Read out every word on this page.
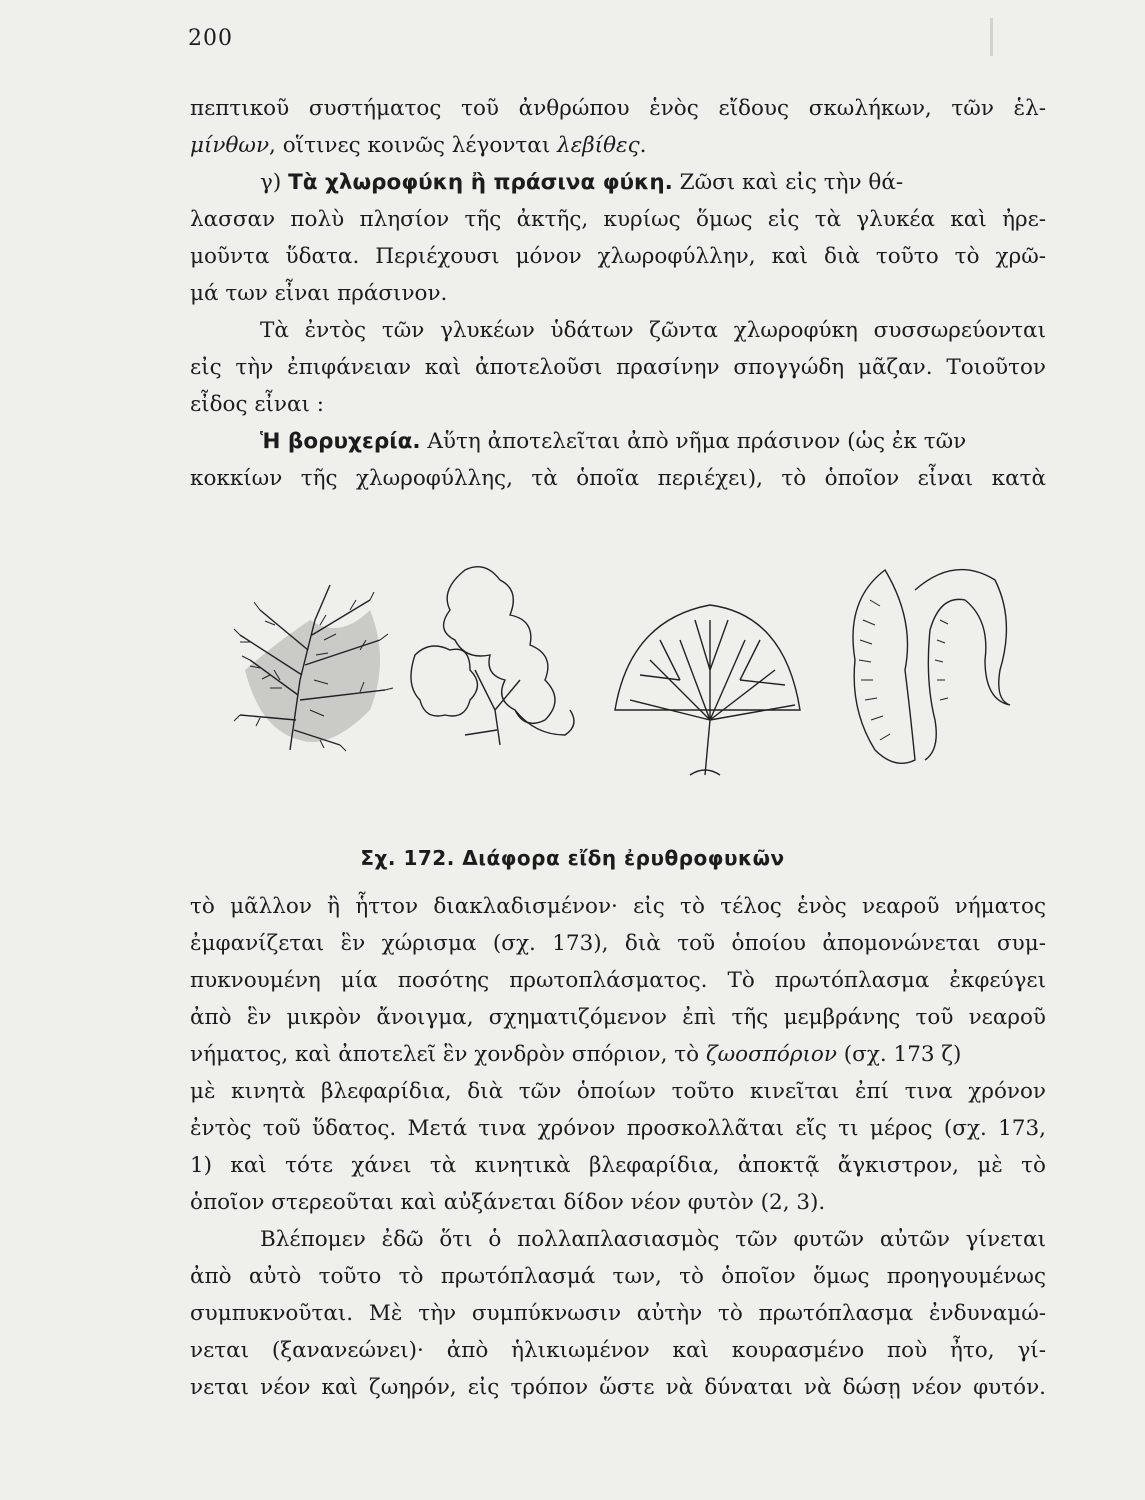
200
πεπτικοῦ συστήματος τοῦ ἀνθρώπου ἑνὸς εἴδους σκωλήκων, τῶν ἑλ-
μίνθων, οἵτινες κοινῶς λέγονται λεβίθες.
γ) Τὰ χλωροφύκη ἢ πράσινα φύκη. Ζῶσι καὶ εἰς τὴν θά-
λασσαν πολὺ πλησίον τῆς ἀκτῆς, κυρίως ὅμως εἰς τὰ γλυκέα καὶ ἠρε-
μοῦντα ὕδατα. Περιέχουσι μόνον χλωροφύλλην, καὶ διὰ τοῦτο τὸ χρῶ-
μά των εἶναι πράσινον.
Τὰ ἐντὸς τῶν γλυκέων ὑδάτων ζῶντα χλωροφύκη συσσωρεύονται
εἰς τὴν ἐπιφάνειαν καὶ ἀποτελοῦσι πρασίνην σπογγώδη μᾶζαν. Τοιοῦτον
εἶδος εἶναι :
Ἡ βορυχερία. Αὕτη ἀποτελεῖται ἀπὸ νῆμα πράσινον (ὡς ἐκ τῶν
κοκκίων τῆς χλωροφύλλης, τὰ ὁποῖα περιέχει), τὸ ὁποῖον εἶναι κατὰ
Σχ. 172. Διάφορα εἴδη ἐρυθροφυκῶν
τὸ μᾶλλον ἢ ἧττον διακλαδισμένον· εἰς τὸ τέλος ἑνὸς νεαροῦ νήματος
ἐμφανίζεται ἓν χώρισμα (σχ. 173), διὰ τοῦ ὁποίου ἀπομονώνεται συμ-
πυκνουμένη μία ποσότης πρωτοπλάσματος. Τὸ πρωτόπλασμα ἐκφεύγει
ἀπὸ ἓν μικρὸν ἄνοιγμα, σχηματιζόμενον ἐπὶ τῆς μεμβράνης τοῦ νεαροῦ
νήματος, καὶ ἀποτελεῖ ἓν χονδρὸν σπόριον, τὸ ζωοσπόριον (σχ. 173 ζ)
μὲ κινητὰ βλεφαρίδια, διὰ τῶν ὁποίων τοῦτο κινεῖται ἐπί τινα χρόνον
ἐντὸς τοῦ ὕδατος. Μετά τινα χρόνον προσκολλᾶται εἴς τι μέρος (σχ. 173,
1) καὶ τότε χάνει τὰ κινητικὰ βλεφαρίδια, ἀποκτᾷ ἄγκιστρον, μὲ τὸ
ὁποῖον στερεοῦται καὶ αὐξάνεται δίδον νέον φυτὸν (2, 3).
Βλέπομεν ἐδῶ ὅτι ὁ πολλαπλασιασμὸς τῶν φυτῶν αὐτῶν γίνεται
ἀπὸ αὐτὸ τοῦτο τὸ πρωτόπλασμά των, τὸ ὁποῖον ὅμως προηγουμένως
συμπυκνοῦται. Μὲ τὴν συμπύκνωσιν αὐτὴν τὸ πρωτόπλασμα ἐνδυναμώ-
νεται (ξανανεώνει)· ἀπὸ ἡλικιωμένον καὶ κουρασμένο ποὺ ἦτο, γί-
νεται νέον καὶ ζωηρόν, εἰς τρόπον ὥστε νὰ δύναται νὰ δώσῃ νέον φυτόν.
